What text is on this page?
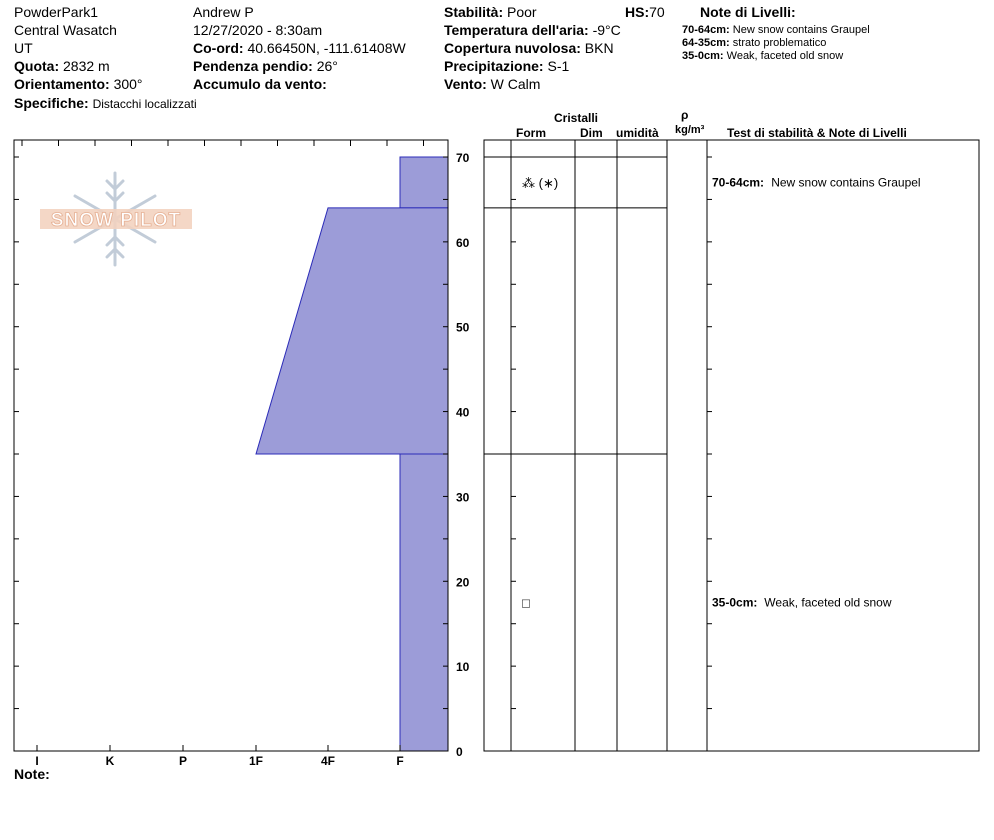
PowderPark1
Central Wasatch
UT
Quota: 2832 m
Orientamento: 300°
Specifiche: Distacchi localizzati
Andrew P
12/27/2020 - 8:30am
Co-ord: 40.66450N, -111.61408W
Pendenza pendio: 26°
Accumulo da vento:
Stabilità: Poor	HS:70
Temperatura dell'aria: -9°C
Copertura nuvolosa: BKN
Precipitazione: S-1
Vento: W Calm
Note di Livelli:
70-64cm: New snow contains Graupel
64-35cm: strato problematico
35-0cm: Weak, faceted old snow
Cristalli
Form	Dim umidità
ρ
kg/m³ Test di stabilità & Note di Livelli
SNOW PILOT
I	K	P	1F	4F	F
⁂ (∗)	70-64cm: New snow contains Graupel
□	35-0cm: Weak, faceted old snow
0
10
20
30
40
50
60
70
Note:
